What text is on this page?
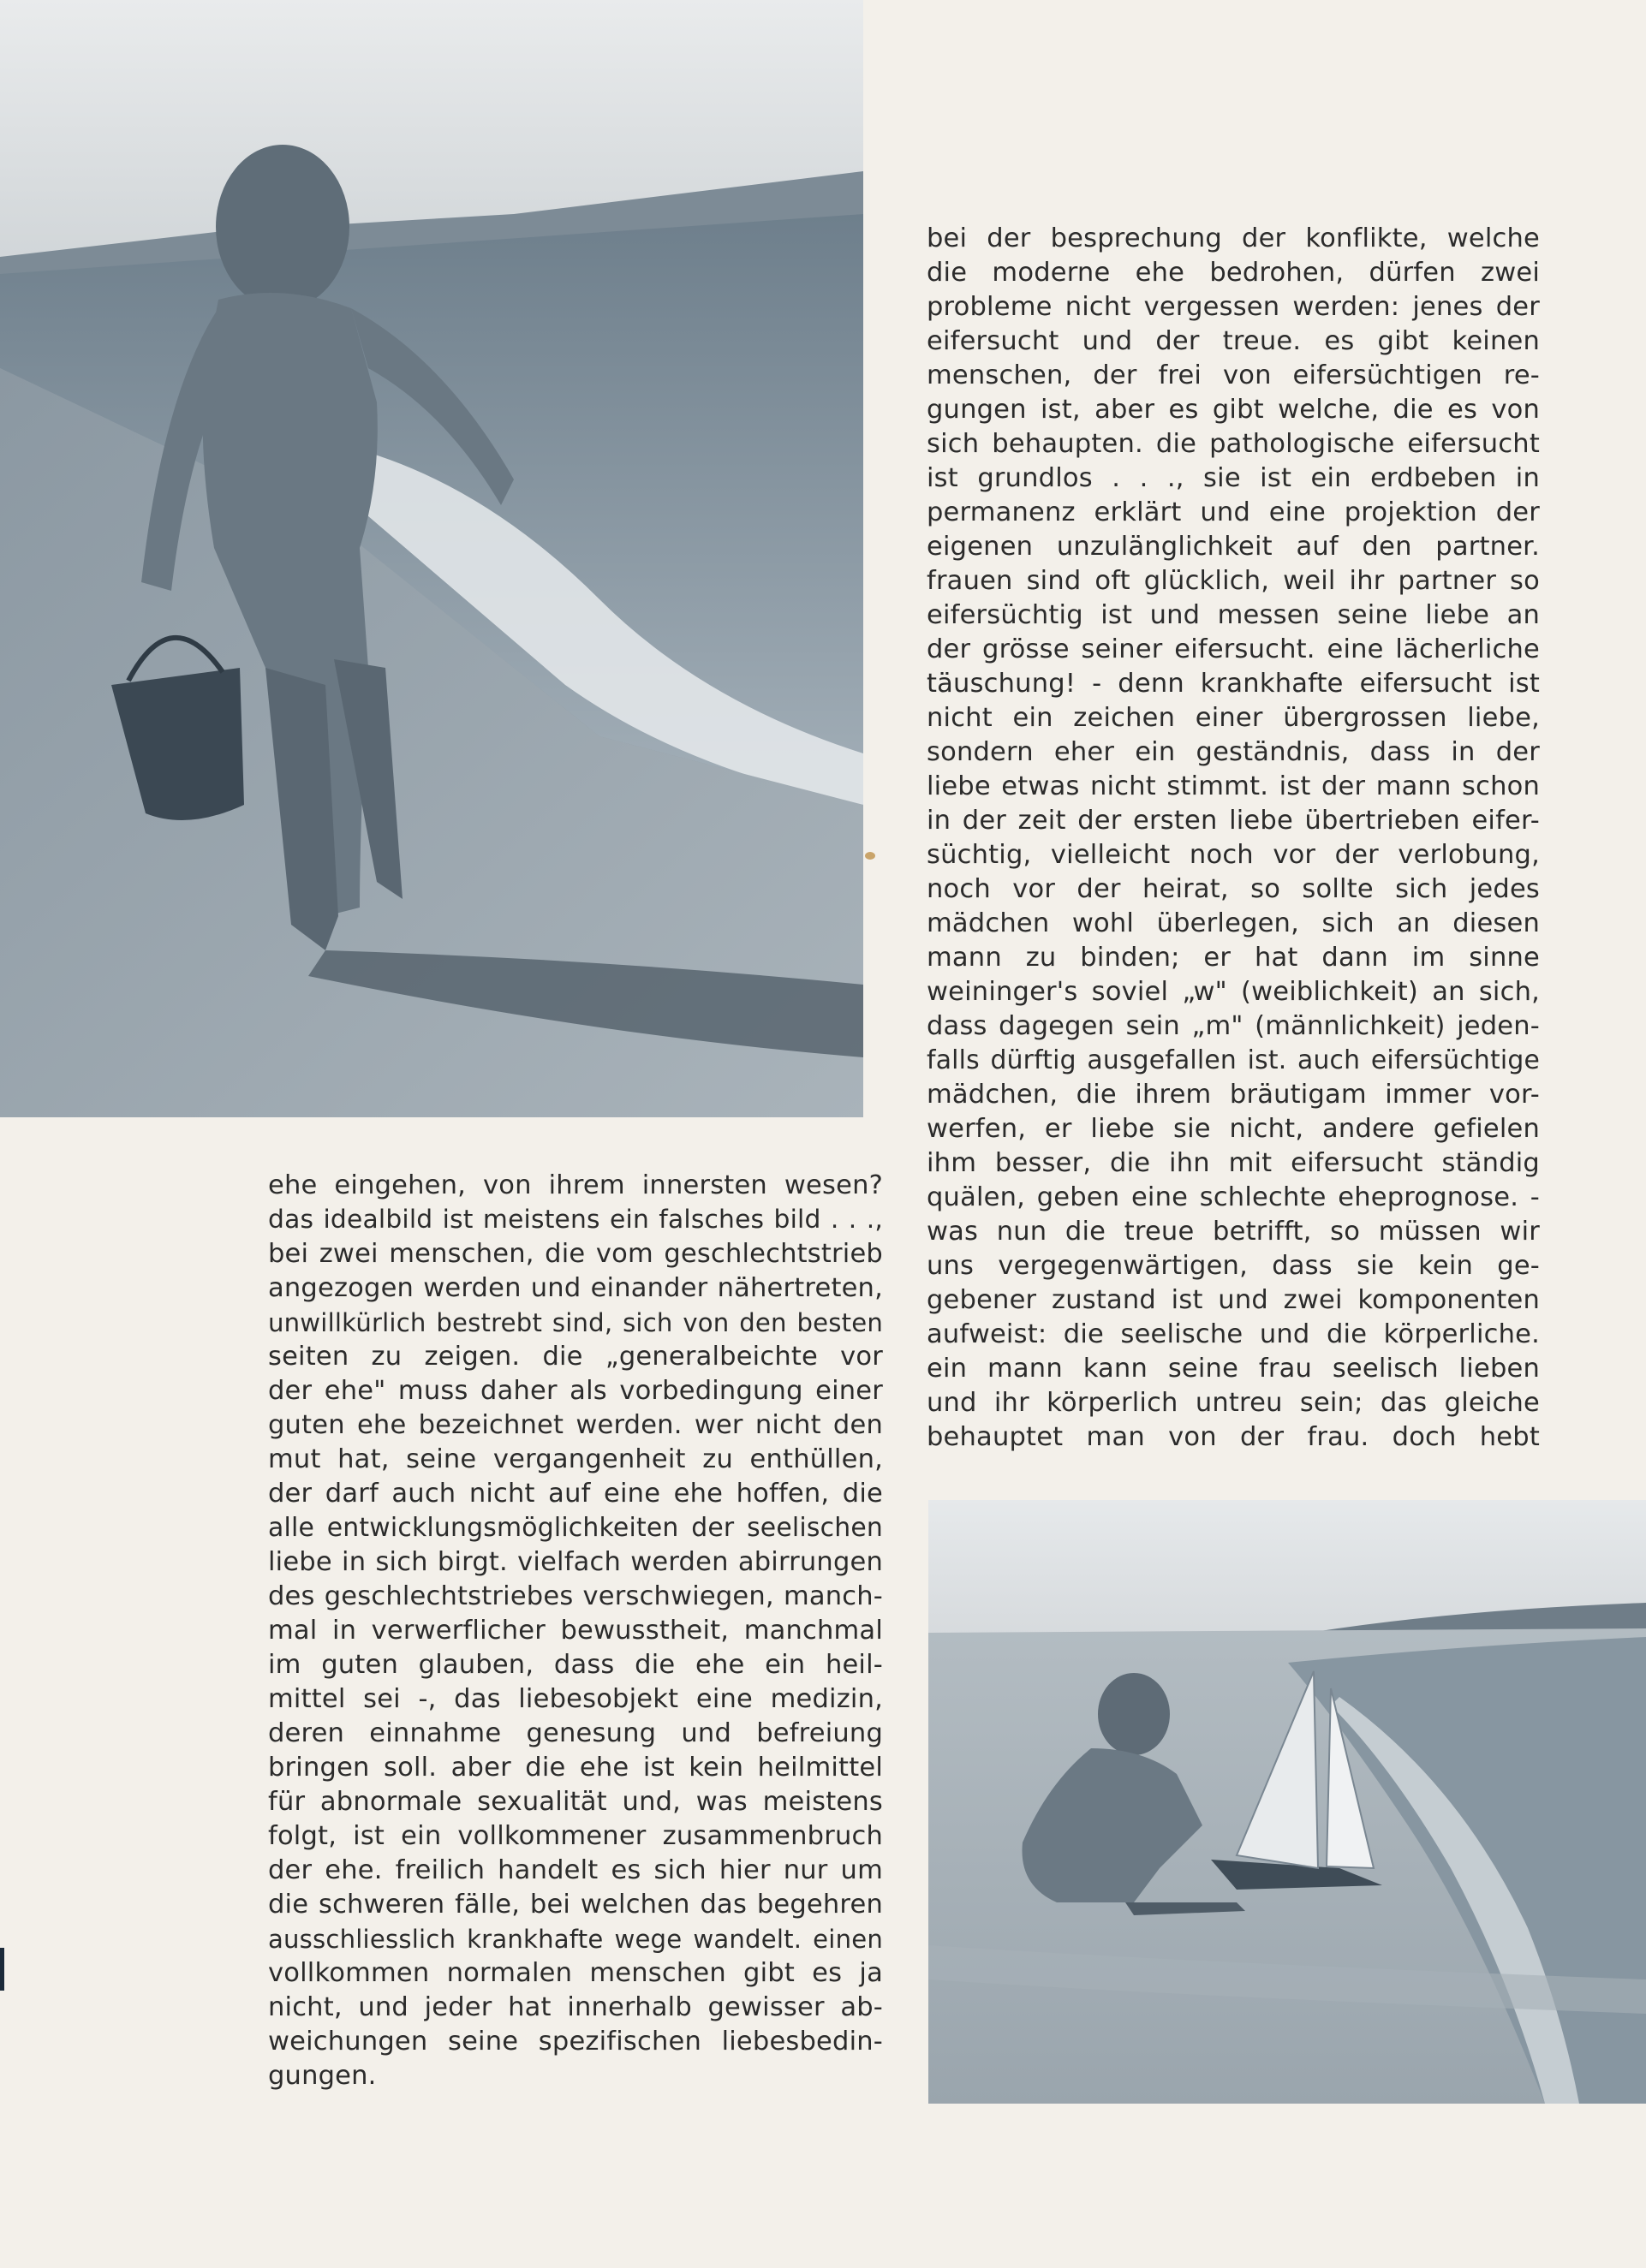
bei der besprechung der konflikte, welche
die moderne ehe bedrohen, dürfen zwei
probleme nicht vergessen werden: jenes der
eifersucht und der treue. es gibt keinen
menschen, der frei von eifersüchtigen re-
gungen ist, aber es gibt welche, die es von
sich behaupten. die pathologische eifersucht
ist grundlos . . ., sie ist ein erdbeben in
permanenz erklärt und eine projektion der
eigenen unzulänglichkeit auf den partner.
frauen sind oft glücklich, weil ihr partner so
eifersüchtig ist und messen seine liebe an
der grösse seiner eifersucht. eine lächerliche
täuschung! - denn krankhafte eifersucht ist
nicht ein zeichen einer übergrossen liebe,
sondern eher ein geständnis, dass in der
liebe etwas nicht stimmt. ist der mann schon
in der zeit der ersten liebe übertrieben eifer-
süchtig, vielleicht noch vor der verlobung,
noch vor der heirat, so sollte sich jedes
mädchen wohl überlegen, sich an diesen
mann zu binden; er hat dann im sinne
weininger's soviel „w" (weiblichkeit) an sich,
dass dagegen sein „m" (männlichkeit) jeden-
falls dürftig ausgefallen ist. auch eifersüchtige
mädchen, die ihrem bräutigam immer vor-
werfen, er liebe sie nicht, andere gefielen
ihm besser, die ihn mit eifersucht ständig
quälen, geben eine schlechte eheprognose. -
was nun die treue betrifft, so müssen wir
uns vergegenwärtigen, dass sie kein ge-
gebener zustand ist und zwei komponenten
aufweist: die seelische und die körperliche.
ein mann kann seine frau seelisch lieben
und ihr körperlich untreu sein; das gleiche
behauptet man von der frau. doch hebt
ehe eingehen, von ihrem innersten wesen?
das idealbild ist meistens ein falsches bild . . .,
bei zwei menschen, die vom geschlechtstrieb
angezogen werden und einander nähertreten,
unwillkürlich bestrebt sind, sich von den besten
seiten zu zeigen. die „generalbeichte vor
der ehe" muss daher als vorbedingung einer
guten ehe bezeichnet werden. wer nicht den
mut hat, seine vergangenheit zu enthüllen,
der darf auch nicht auf eine ehe hoffen, die
alle entwicklungsmöglichkeiten der seelischen
liebe in sich birgt. vielfach werden abirrungen
des geschlechtstriebes verschwiegen, manch-
mal in verwerflicher bewusstheit, manchmal
im guten glauben, dass die ehe ein heil-
mittel sei -, das liebesobjekt eine medizin,
deren einnahme genesung und befreiung
bringen soll. aber die ehe ist kein heilmittel
für abnormale sexualität und, was meistens
folgt, ist ein vollkommener zusammenbruch
der ehe. freilich handelt es sich hier nur um
die schweren fälle, bei welchen das begehren
ausschliesslich krankhafte wege wandelt. einen
vollkommen normalen menschen gibt es ja
nicht, und jeder hat innerhalb gewisser ab-
weichungen seine spezifischen liebesbedin-
gungen.
